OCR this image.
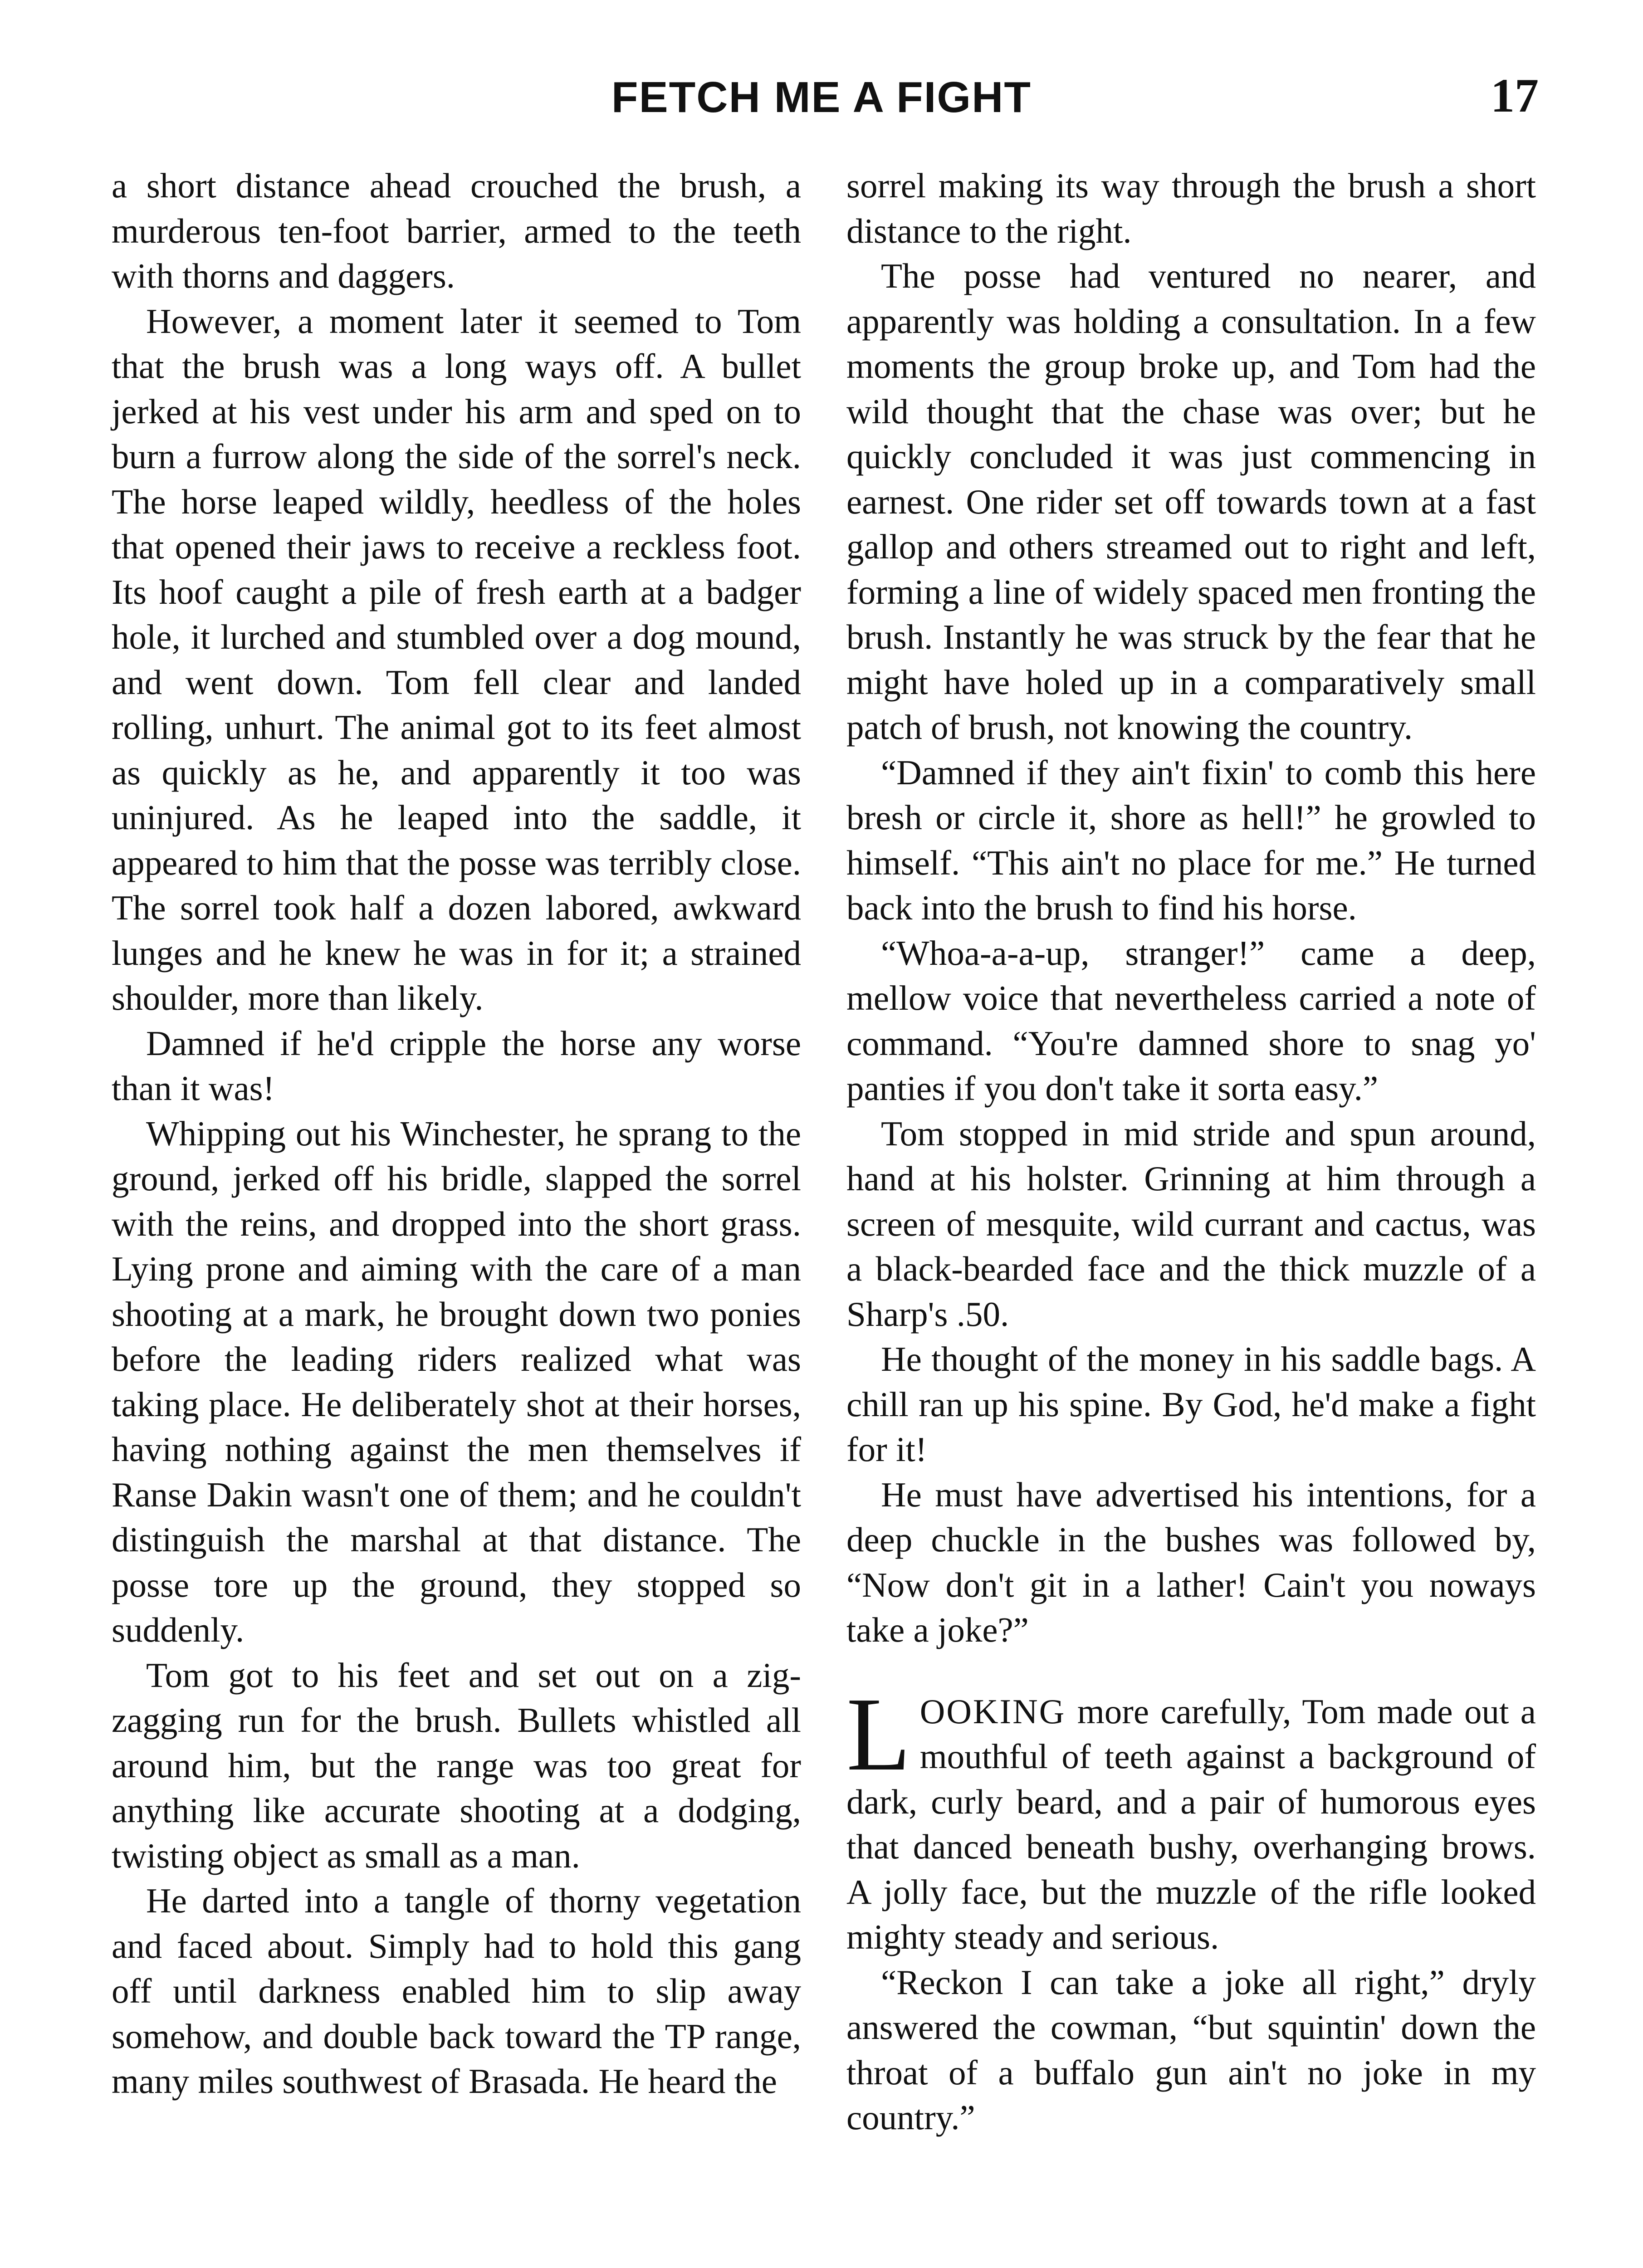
FETCH ME A FIGHT	17

a short distance ahead crouched the brush, a murderous ten-foot barrier, armed to the teeth with thorns and daggers.

However, a moment later it seemed to Tom that the brush was a long ways off. A bullet jerked at his vest under his arm and sped on to burn a furrow along the side of the sorrel's neck. The horse leaped wildly, heedless of the holes that opened their jaws to receive a reckless foot. Its hoof caught a pile of fresh earth at a badger hole, it lurched and stumbled over a dog mound, and went down. Tom fell clear and landed rolling, unhurt. The animal got to its feet almost as quickly as he, and apparently it too was uninjured. As he leaped into the saddle, it appeared to him that the posse was terribly close. The sorrel took half a dozen labored, awkward lunges and he knew he was in for it; a strained shoulder, more than likely.

Damned if he'd cripple the horse any worse than it was!

Whipping out his Winchester, he sprang to the ground, jerked off his bridle, slapped the sorrel with the reins, and dropped into the short grass. Lying prone and aiming with the care of a man shooting at a mark, he brought down two ponies before the leading riders realized what was taking place. He deliberately shot at their horses, having nothing against the men themselves if Ranse Dakin wasn't one of them; and he couldn't distinguish the marshal at that distance. The posse tore up the ground, they stopped so suddenly.

Tom got to his feet and set out on a zig-zagging run for the brush. Bullets whistled all around him, but the range was too great for anything like accurate shooting at a dodging, twisting object as small as a man.

He darted into a tangle of thorny vegetation and faced about. Simply had to hold this gang off until darkness enabled him to slip away somehow, and double back toward the TP range, many miles southwest of Brasada. He heard the

sorrel making its way through the brush a short distance to the right.

The posse had ventured no nearer, and apparently was holding a consultation. In a few moments the group broke up, and Tom had the wild thought that the chase was over; but he quickly concluded it was just commencing in earnest. One rider set off towards town at a fast gallop and others streamed out to right and left, forming a line of widely spaced men fronting the brush. Instantly he was struck by the fear that he might have holed up in a comparatively small patch of brush, not knowing the country.

“Damned if they ain't fixin' to comb this here bresh or circle it, shore as hell!” he growled to himself. “This ain't no place for me.” He turned back into the brush to find his horse.

“Whoa-a-a-up, stranger!” came a deep, mellow voice that nevertheless carried a note of command. “You're damned shore to snag yo' panties if you don't take it sorta easy.”

Tom stopped in mid stride and spun around, hand at his holster. Grinning at him through a screen of mesquite, wild currant and cactus, was a black-bearded face and the thick muzzle of a Sharp's .50.

He thought of the money in his saddle bags. A chill ran up his spine. By God, he'd make a fight for it!

He must have advertised his intentions, for a deep chuckle in the bushes was followed by, “Now don't git in a lather! Cain't you noways take a joke?”

LOOKING more carefully, Tom made out a mouthful of teeth against a background of dark, curly beard, and a pair of humorous eyes that danced beneath bushy, overhanging brows. A jolly face, but the muzzle of the rifle looked mighty steady and serious.

“Reckon I can take a joke all right,” dryly answered the cowman, “but squintin' down the throat of a buffalo gun ain't no joke in my country.”
